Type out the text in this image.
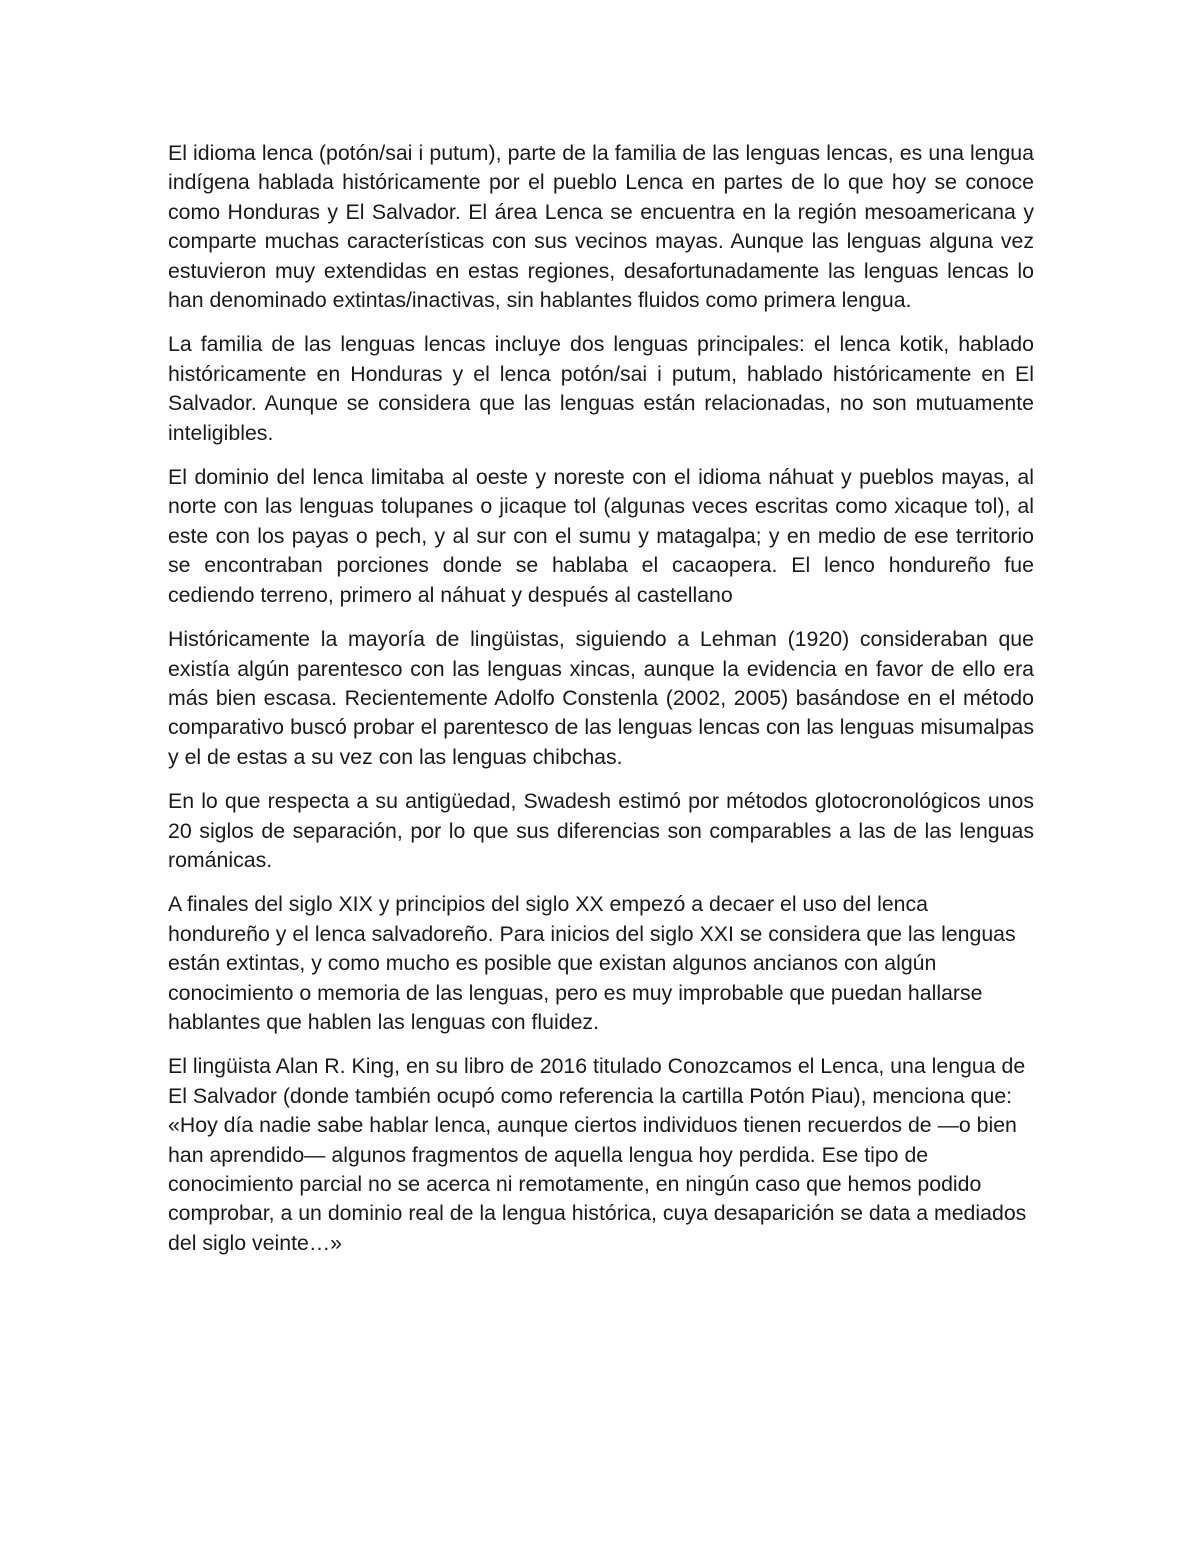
El idioma lenca (potón/sai i putum), parte de la familia de las lenguas lencas, es una lengua indígena hablada históricamente por el pueblo Lenca en partes de lo que hoy se conoce como Honduras y El Salvador. El área Lenca se encuentra en la región mesoamericana y comparte muchas características con sus vecinos mayas. Aunque las lenguas alguna vez estuvieron muy extendidas en estas regiones, desafortunadamente las lenguas lencas lo han denominado extintas/inactivas, sin hablantes fluidos como primera lengua.

La familia de las lenguas lencas incluye dos lenguas principales: el lenca kotik, hablado históricamente en Honduras y el lenca potón/sai i putum, hablado históricamente en El Salvador. Aunque se considera que las lenguas están relacionadas, no son mutuamente inteligibles.

El dominio del lenca limitaba al oeste y noreste con el idioma náhuat y pueblos mayas, al norte con las lenguas tolupanes o jicaque tol (algunas veces escritas como xicaque tol), al este con los payas o pech, y al sur con el sumu y matagalpa; y en medio de ese territorio se encontraban porciones donde se hablaba el cacaopera. El lenco hondureño fue cediendo terreno, primero al náhuat y después al castellano

Históricamente la mayoría de lingüistas, siguiendo a Lehman (1920) consideraban que existía algún parentesco con las lenguas xincas, aunque la evidencia en favor de ello era más bien escasa. Recientemente Adolfo Constenla (2002, 2005) basándose en el método comparativo buscó probar el parentesco de las lenguas lencas con las lenguas misumalpas y el de estas a su vez con las lenguas chibchas.

En lo que respecta a su antigüedad, Swadesh estimó por métodos glotocronológicos unos 20 siglos de separación, por lo que sus diferencias son comparables a las de las lenguas románicas.

A finales del siglo XIX y principios del siglo XX empezó a decaer el uso del lenca hondureño y el lenca salvadoreño. Para inicios del siglo XXI se considera que las lenguas están extintas, y como mucho es posible que existan algunos ancianos con algún conocimiento o memoria de las lenguas, pero es muy improbable que puedan hallarse hablantes que hablen las lenguas con fluidez.

El lingüista Alan R. King, en su libro de 2016 titulado Conozcamos el Lenca, una lengua de El Salvador (donde también ocupó como referencia la cartilla Potón Piau), menciona que: «Hoy día nadie sabe hablar lenca, aunque ciertos individuos tienen recuerdos de —o bien han aprendido— algunos fragmentos de aquella lengua hoy perdida. Ese tipo de conocimiento parcial no se acerca ni remotamente, en ningún caso que hemos podido comprobar, a un dominio real de la lengua histórica, cuya desaparición se data a mediados del siglo veinte…»
